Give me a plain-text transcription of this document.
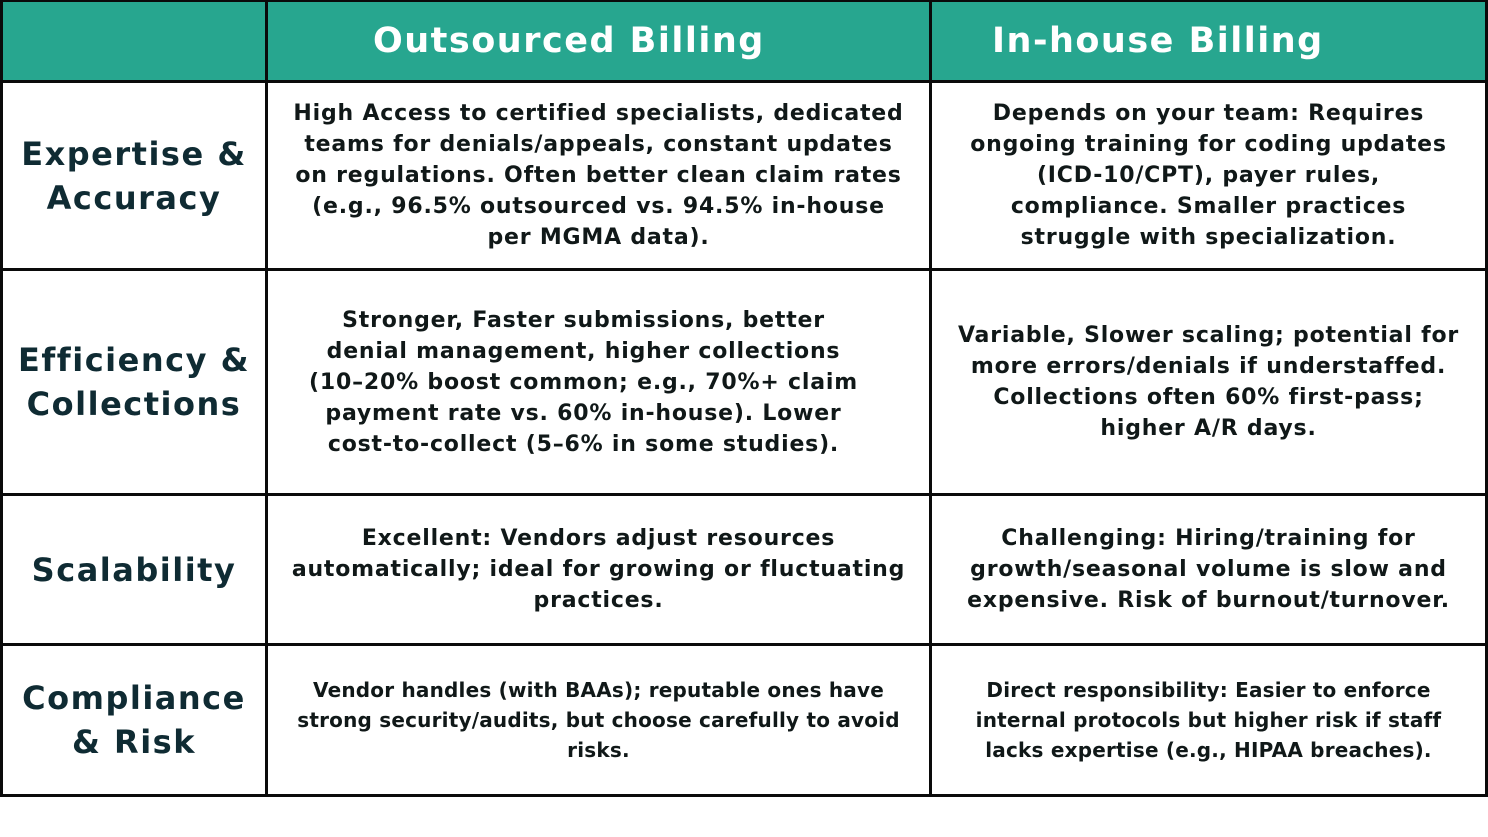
Outsourced Billing	In-house Billing
Expertise & Accuracy
High Access to certified specialists, dedicated teams for denials/appeals, constant updates on regulations. Often better clean claim rates (e.g., 96.5% outsourced vs. 94.5% in-house per MGMA data).
Depends on your team: Requires ongoing training for coding updates (ICD-10/CPT), payer rules, compliance. Smaller practices struggle with specialization.
Efficiency & Collections
Stronger, Faster submissions, better denial management, higher collections (10–20% boost common; e.g., 70%+ claim payment rate vs. 60% in-house). Lower cost-to-collect (5–6% in some studies).
Variable, Slower scaling; potential for more errors/denials if understaffed. Collections often 60% first-pass; higher A/R days.
Scalability
Excellent: Vendors adjust resources automatically; ideal for growing or fluctuating practices.
Challenging: Hiring/training for growth/seasonal volume is slow and expensive. Risk of burnout/turnover.
Compliance & Risk
Vendor handles (with BAAs); reputable ones have strong security/audits, but choose carefully to avoid risks.
Direct responsibility: Easier to enforce internal protocols but higher risk if staff lacks expertise (e.g., HIPAA breaches).
